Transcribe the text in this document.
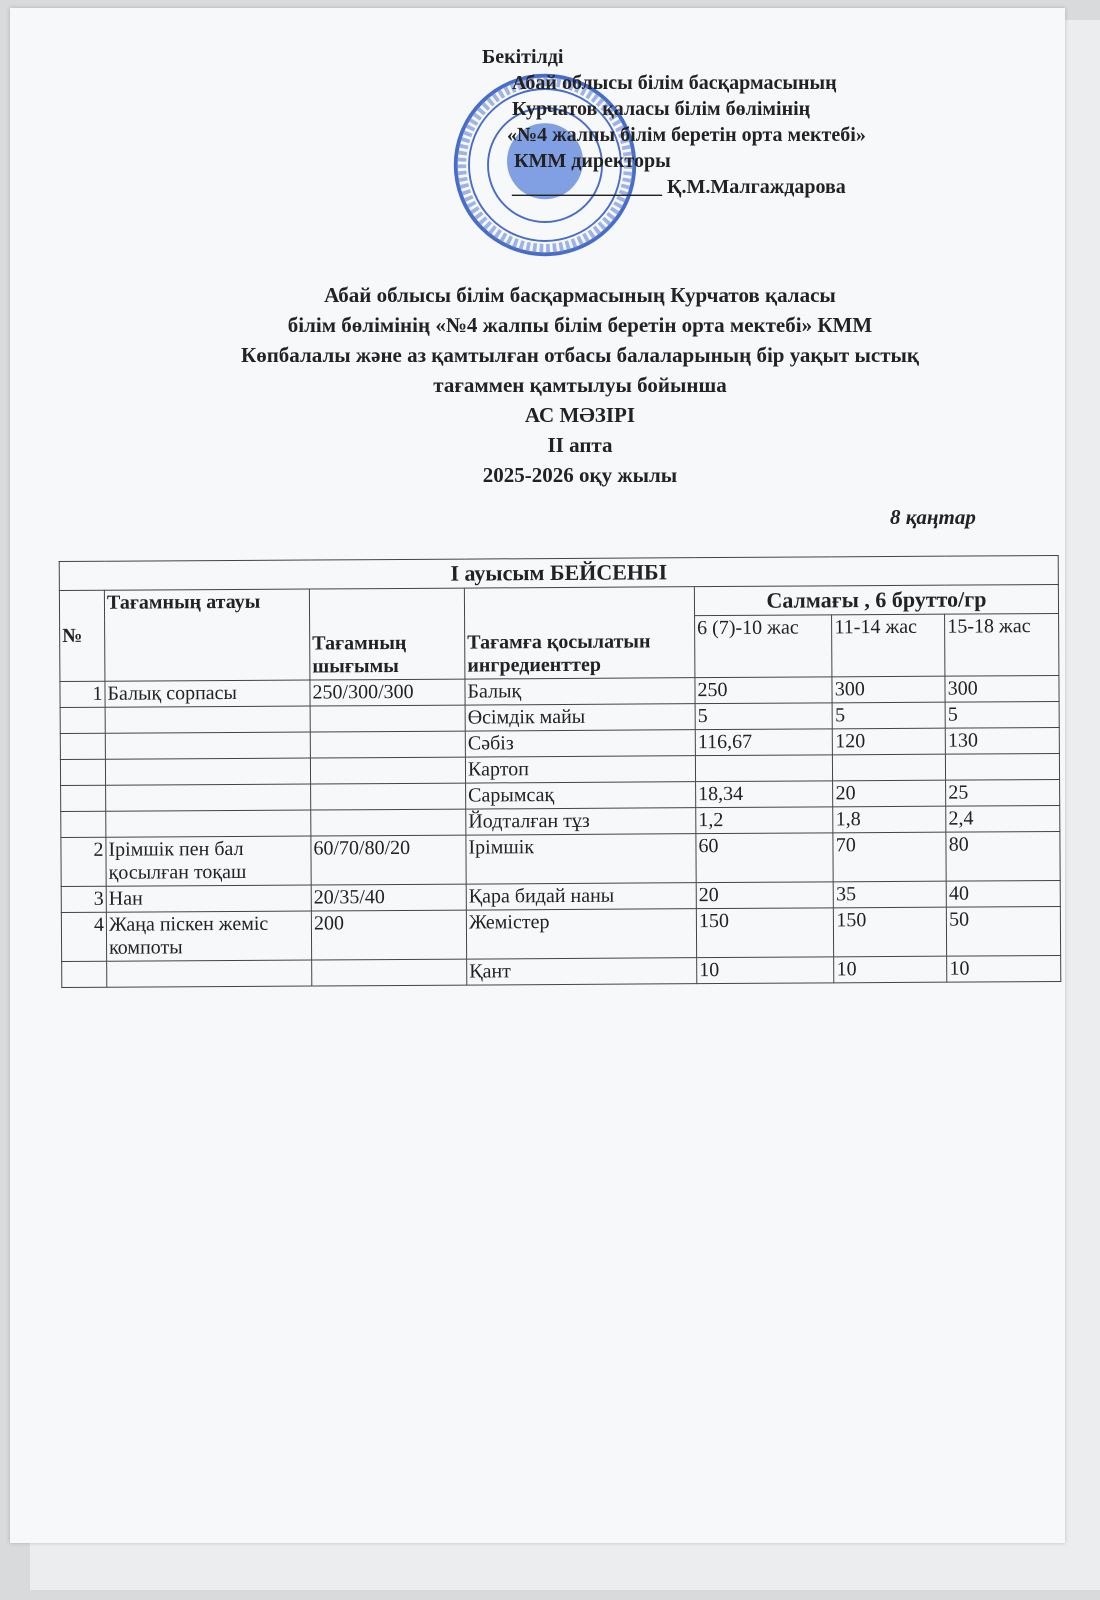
Бекітілді
Абай облысы білім басқармасының
Курчатов қаласы білім бөлімінің
«№4 жалпы білім беретін орта мектебі»
КММ директоры
_______________ Қ.М.Малгаждарова
Абай облысы білім басқармасының Курчатов қаласы
білім бөлімінің «№4 жалпы білім беретін орта мектебі» КММ
Көпбалалы және аз қамтылған отбасы балаларының бір уақыт ыстық
тағаммен қамтылуы бойынша
АС МӘЗІРІ
ІІ апта
2025-2026 оқу жылы
8 қаңтар
І ауысым БЕЙСЕНБІ						
№	Тағамның атауы	Тағамның шығымы	Тағамға қосылатын ингредиенттер	Салмағы , 6 брутто/гр		
				6 (7)-10 жас	11-14 жас	15-18 жас
1	Балық сорпасы	250/300/300	Балық	250	300	300
			Өсімдік майы	5	5	5
			Сәбіз	116,67	120	130
			Картоп			
			Сарымсақ	18,34	20	25
			Йодталған тұз	1,2	1,8	2,4
2	Ірімшік пен бал қосылған тоқаш	60/70/80/20	Ірімшік	60	70	80
3	Нан	20/35/40	Қара бидай наны	20	35	40
4	Жаңа піскен жеміс компоты	200	Жемістер	150	150	50
			Қант	10	10	10
